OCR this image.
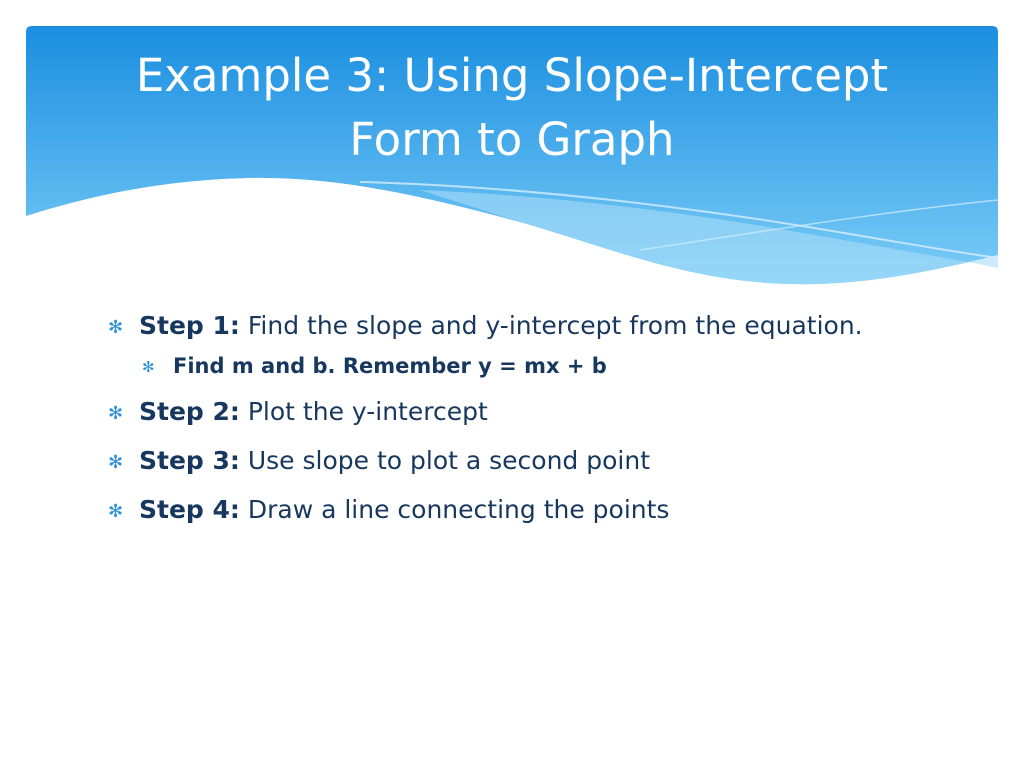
Example 3: Using Slope-Intercept
Form to Graph
✻ Step 1: Find the slope and y-intercept from the equation.
✻ Find m and b. Remember y = mx + b
✻ Step 2: Plot the y-intercept
✻ Step 3: Use slope to plot a second point
✻ Step 4: Draw a line connecting the points
